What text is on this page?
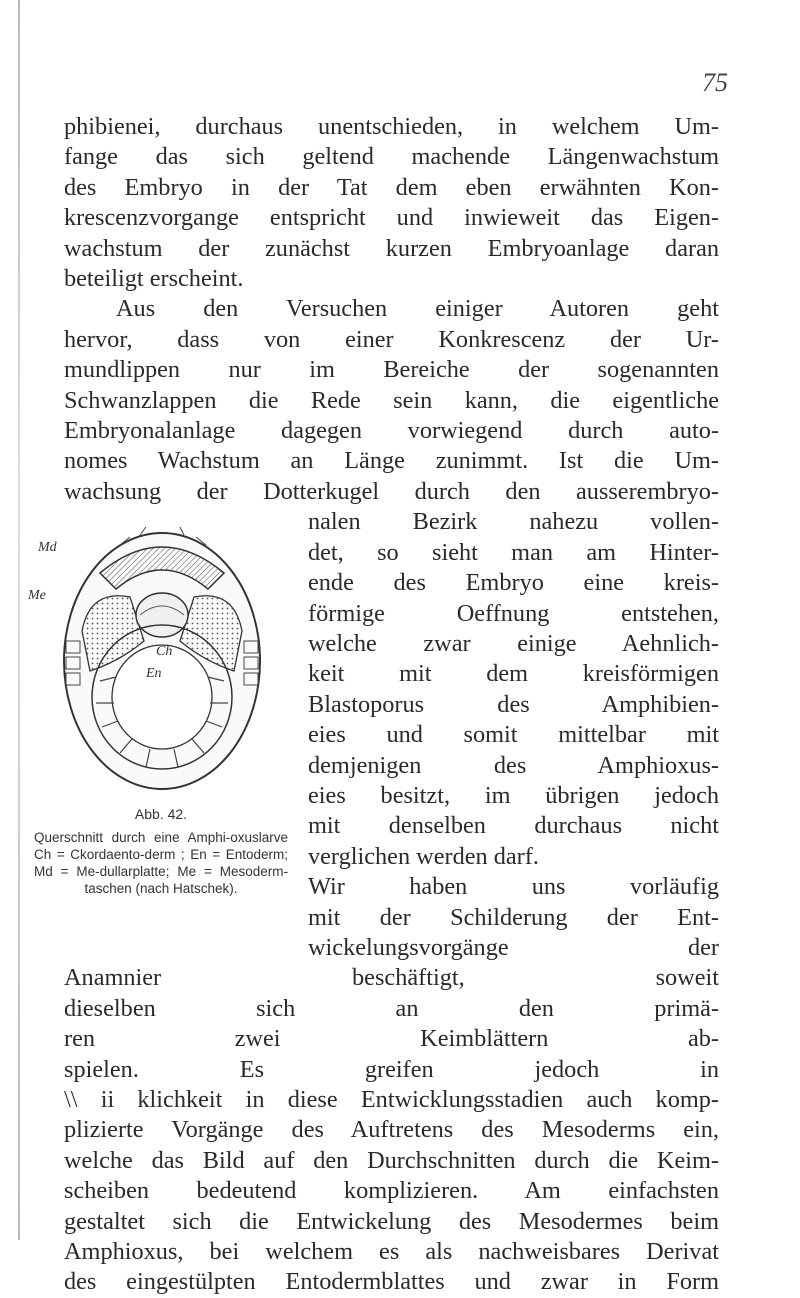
75

phibienei, durchaus unentschieden, in welchem Um-
fange das sich geltend machende Längenwachstum
des Embryo in der Tat dem eben erwähnten Kon-
krescenzvorgange entspricht und inwieweit das Eigen-
wachstum der zunächst kurzen Embryoanlage daran
beteiligt erscheint.

Aus den Versuchen einiger Autoren geht

hervor, dass von einer Konkrescenz der Ur-
mundlippen nur im Bereiche der sogenannten
Schwanzlappen die Rede sein kann, die eigentliche
Embryonalanlage dagegen vorwiegend durch auto-
nomes Wachstum an Länge zunimmt. Ist die Um-
wachsung der Dotterkugel durch den ausserembryo-

Md
Me
Ch
En
Abb. 42.
Querschnitt durch eine Amphi-oxuslarve Ch = Ckordaento-derm ; En = Entoderm; Md = Me-dullarplatte; Me = Mesoderm-taschen (nach Hatschek).
nalen Bezirk nahezu vollen-
det, so sieht man am Hinter-
ende des Embryo eine kreis-
förmige Oeffnung entstehen,
welche zwar einige Aehnlich-
keit mit dem kreisförmigen
Blastoporus des Amphibien-
eies und somit mittelbar mit
demjenigen des Amphioxus-
eies besitzt, im übrigen jedoch
mit denselben durchaus nicht
verglichen werden darf.
Wir haben uns vorläufig
mit der Schilderung der Ent-
wickelungsvorgänge der
Anamnier beschäftigt, soweit
dieselben sich an den primä-
ren zwei Keimblättern ab-
spielen. Es greifen jedoch in

\\ ii klichkeit in diese Entwicklungsstadien auch komp-
plizierte Vorgänge des Auftretens des Mesoderms ein,
welche das Bild auf den Durchschnitten durch die Keim-
scheiben bedeutend komplizieren. Am einfachsten
gestaltet sich die Entwickelung des Mesodermes beim
Amphioxus, bei welchem es als nachweisbares Derivat
des eingestülpten Entodermblattes und zwar in Form
